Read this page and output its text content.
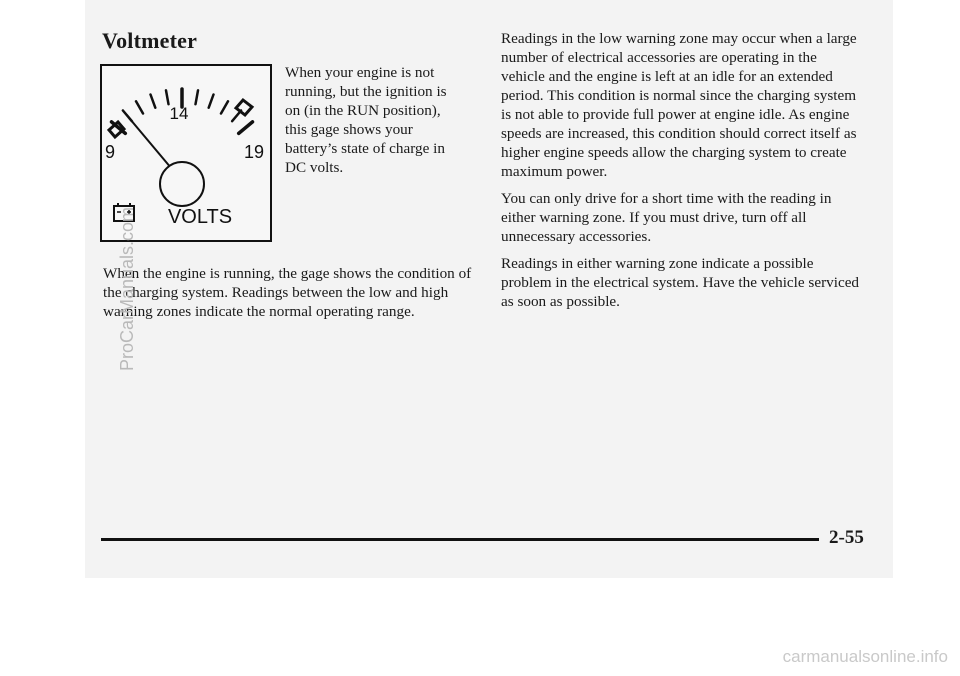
Voltmeter
14
9	19
VOLTS
When your engine is not running, but the ignition is on (in the RUN position), this gage shows your battery’s state of charge in DC volts.
When the engine is running, the gage shows the condition of the charging system. Readings between the low and high warning zones indicate the normal operating range.

Readings in the low warning zone may occur when a large number of electrical accessories are operating in the vehicle and the engine is left at an idle for an extended period. This condition is normal since the charging system is not able to provide full power at engine idle. As engine speeds are increased, this condition should correct itself as higher engine speeds allow the charging system to create maximum power.

You can only drive for a short time with the reading in either warning zone. If you must drive, turn off all unnecessary accessories.

Readings in either warning zone indicate a possible problem in the electrical system. Have the vehicle serviced as soon as possible.

2-55
ProCarManuals.com
carmanualsonline.info
